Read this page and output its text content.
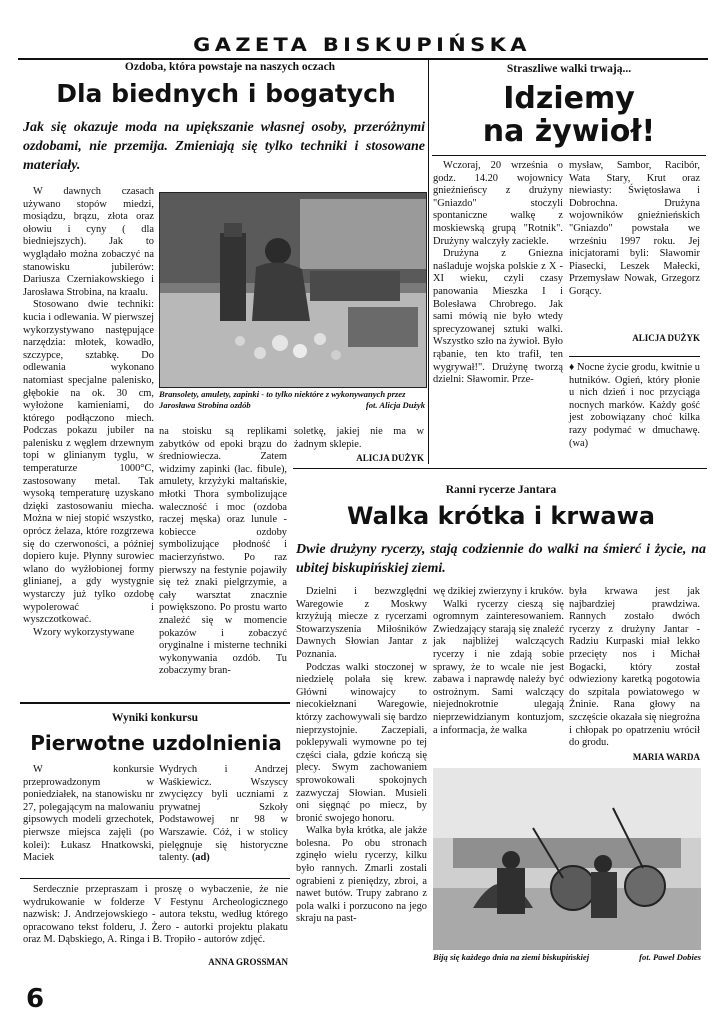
GAZETA BISKUPIŃSKA
Ozdoba, która powstaje na naszych oczach
Dla biednych i bogatych
Jak się okazuje moda na upiększanie własnej osoby, przeróżnymi ozdobami, nie przemija. Zmieniają się tylko techniki i stosowane materiały.

W dawnych czasach używano stopów miedzi, mosiądzu, brązu, złota oraz ołowiu i cyny ( dla biedniejszych). Jak to wyglądało można zobaczyć na stanowisku jubilerów: Dariusza Czerniakowskiego i Jarosława Strobina, na kraalu.

Stosowano dwie techniki: kucia i odlewania. W pierwszej wykorzystywano następujące narzędzia: młotek, kowadło, szczypce, sztabkę. Do odlewania wykonano natomiast specjalne palenisko, głębokie na ok. 30 cm, wyłożone kamieniami, do którego podłączono miech. Podczas pokazu jubiler na palenisku z węglem drzewnym topi w glinianym tyglu, w temperaturze 1000°C, zastosowany metal. Tak wysoką temperaturę uzyskano dzięki zastosowaniu miecha. Można w niej stopić wszystko, oprócz żelaza, które rozgrzewa się do czerwoności, a później dopiero kuje. Płynny surowiec wlano do wyżłobionej formy glinianej, a gdy wystygnie wystarczy już tylko ozdobę wypolerować i wyszczotkować.

Wzory wykorzystywane

Bransolety, amulety, zapinki - to tylko niektóre z wykonywanych przez Jarosława Strobina ozdób	fot. Alicja Dużyk

na stoisku są replikami zabytków od epoki brązu do średniowiecza. Zatem widzimy zapinki (łac. fibule), amulety, krzyżyki maltańskie, młotki Thora symbolizujące waleczność i moc (ozdoba raczej męska) oraz lunule - kobiecce ozdoby symbolizujące płodność i macierzyństwo. Po raz pierwszy na festynie pojawiły się też znaki pielgrzymie, a cały warsztat znacznie powiększono. Po prostu warto znaleźć się w momencie pokazów i zobaczyć oryginalne i misterne techniki wykonywania ozdób. Tu zobaczymy bran-

soletkę, jakiej nie ma w żadnym sklepie.

ALICJA DUŻYK
Straszliwe walki trwają...
Idziemy
na żywioł!

Wczoraj, 20 września o godz. 14.20 wojownicy gnieźnieńscy z drużyny "Gniazdo" stoczyli spontaniczne walkę z moskiewską grupą "Rotnik". Drużyny walczyły zaciekle.

Drużyna z Gniezna naśladuje wojska polskie z X - XI wieku, czyli czasy panowania Mieszka I i Bolesława Chrobrego. Jak sami mówią nie było wtedy sprecyzowanej sztuki walki. Wszystko szło na żywioł. Było rąbanie, ten kto trafił, ten wygrywał!". Drużynę tworzą dzielni: Sławomir. Prze-

mysław, Sambor, Racibór, Wata Stary, Krut oraz niewiasty: Świętosława i Dobrochna. Drużyna wojowników gnieźnieńskich "Gniazdo" powstała we wrześniu 1997 roku. Jej inicjatorami byli: Sławomir Piasecki, Leszek Małecki, Przemysław Nowak, Grzegorz Gorący.

ALICJA DUŻYK

♦ Nocne życie grodu, kwitnie u hutników. Ogień, który płonie u nich dzień i noc przyciąga nocnych marków. Każdy gość jest zobowiązany choć kilka razy podymać w dmuchawę. (wa)

Ranni rycerze Jantara
Walka krótka i krwawa
Dwie drużyny rycerzy, stają codziennie do walki na śmierć i życie, na ubitej biskupińskiej ziemi.

Dzielni i bezwzględni Waregowie z Moskwy krzyżują miecze z rycerzami Stowarzyszenia Miłośników Dawnych Słowian Jantar z Poznania.

Podczas walki stoczonej w niedzielę polała się krew. Główni winowajcy to niecokiełznani Waregowie, którzy zachowywali się bardzo nieprzystojnie. Zaczepiali, poklepywali wymowne po tej części ciała, gdzie kończą się plecy. Swym zachowaniem sprowokowali spokojnych zazwyczaj Słowian. Musieli oni sięgnąć po miecz, by bronić swojego honoru.

Walka była krótka, ale jakże bolesna. Po obu stronach zginęło wielu rycerzy, kilku było rannych. Zmarli zostali ograbieni z pieniędzy, zbroi, a nawet butów. Trupy zabrano z pola walki i porzucono na jego skraju na past-

wę dzikiej zwierzyny i kruków.

Walki rycerzy cieszą się ogromnym zainteresowaniem. Zwiedzający starają się znaleźć jak najbliżej walczących rycerzy i nie zdają sobie sprawy, że to wcale nie jest zabawa i naprawdę należy być ostrożnym. Sami walczący niejednokrotnie ulegają nieprzewidzianym kontuzjom, a informacja, że walka

była krwawa jest jak najbardziej prawdziwa. Rannych zostało dwóch rycerzy z drużyny Jantar - Radziu Kurpaski miał lekko przecięty nos i Michał Bogacki, który został odwieziony karetką pogotowia do szpitala powiatowego w Żninie. Rana głowy na szczęście okazała się niegroźna i chłopak po opatrzeniu wrócił do grodu.

MARIA WARDA
Biją się każdego dnia na ziemi biskupińskiej	fot. Paweł Dobies
Wyniki konkursu
Pierwotne uzdolnienia

W konkursie przeprowadzonym w poniedziałek, na stanowisku nr 27, polegającym na malowaniu gipsowych modeli grzechotek, pierwsze miejsca zajęli (po kolei): Łukasz Hnatkowski, Maciek

Wydrych i Andrzej Waśkiewicz. Wszyscy zwycięzcy byli uczniami z prywatnej Szkoły Podstawowej nr 98 w Warszawie. Cóż, i w stolicy pielęgnuje się historyczne talenty. (ad)

Serdecznie przepraszam i proszę o wybaczenie, że nie wydrukowanie w folderze V Festynu Archeologicznego nazwisk: J. Andrzejowskiego - autora tekstu, według którego opracowano tekst folderu, J. Żero - autorki projektu plakatu oraz M. Dąbskiego, A. Ringa i B. Tropiło - autorów zdjęć.

ANNA GROSSMAN
6
